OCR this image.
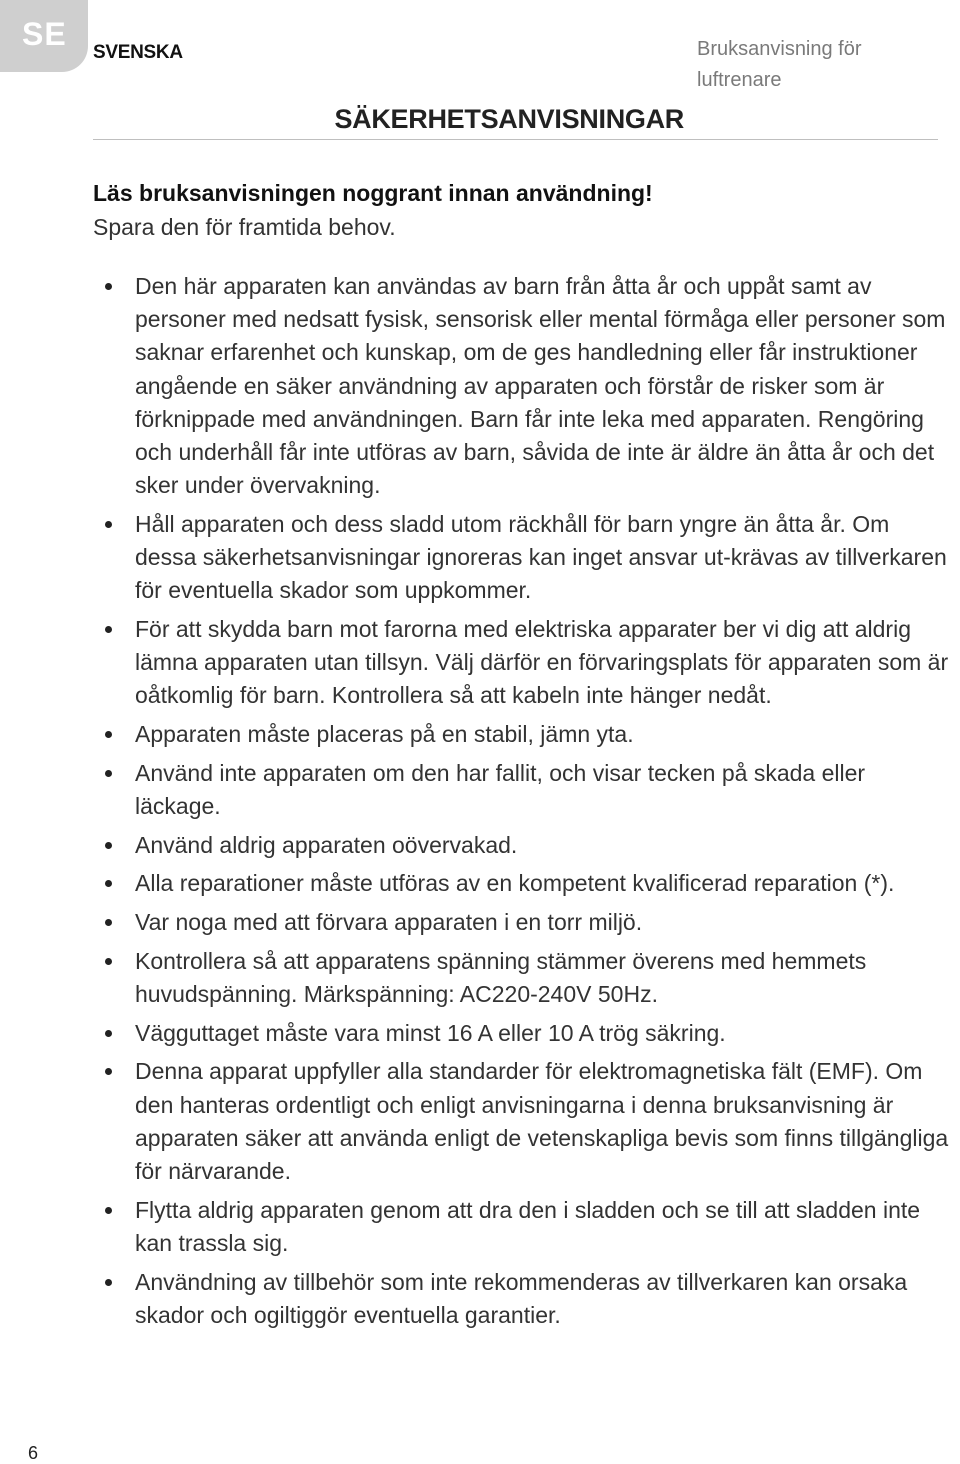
SE
SVENSKA	Bruksanvisning för
luftrenare
SÄKERHETSANVISNINGAR
Läs bruksanvisningen noggrant innan användning!
Spara den för framtida behov.
Den här apparaten kan användas av barn från åtta år och uppåt samt av personer med nedsatt fysisk, sensorisk eller mental förmåga eller personer som saknar erfarenhet och kunskap, om de ges handledning eller får instruktioner angående en säker användning av apparaten och förstår de risker som är förknippade med användningen. Barn får inte leka med apparaten. Rengöring och underhåll får inte utföras av barn, såvida de inte är äldre än åtta år och det sker under övervakning.
Håll apparaten och dess sladd utom räckhåll för barn yngre än åtta år. Om dessa säkerhetsanvisningar ignoreras kan inget ansvar ut-krävas av tillverkaren för eventuella skador som uppkommer.
För att skydda barn mot farorna med elektriska apparater ber vi dig att aldrig lämna apparaten utan tillsyn. Välj därför en förvaringsplats för apparaten som är oåtkomlig för barn. Kontrollera så att kabeln inte hänger nedåt.
Apparaten måste placeras på en stabil, jämn yta.
Använd inte apparaten om den har fallit, och visar tecken på skada eller läckage.
Använd aldrig apparaten oövervakad.
Alla reparationer måste utföras av en kompetent kvalificerad reparation (*).
Var noga med att förvara apparaten i en torr miljö.
Kontrollera så att apparatens spänning stämmer överens med hemmets huvudspänning. Märkspänning: AC220-240V 50Hz.
Vägguttaget måste vara minst 16 A eller 10 A trög säkring.
Denna apparat uppfyller alla standarder för elektromagnetiska fält (EMF). Om den hanteras ordentligt och enligt anvisningarna i denna bruksanvisning är apparaten säker att använda enligt de vetenskapliga bevis som finns tillgängliga för närvarande.
Flytta aldrig apparaten genom att dra den i sladden och se till att sladden inte kan trassla sig.
Användning av tillbehör som inte rekommenderas av tillverkaren kan orsaka skador och ogiltiggör eventuella garantier.
6
